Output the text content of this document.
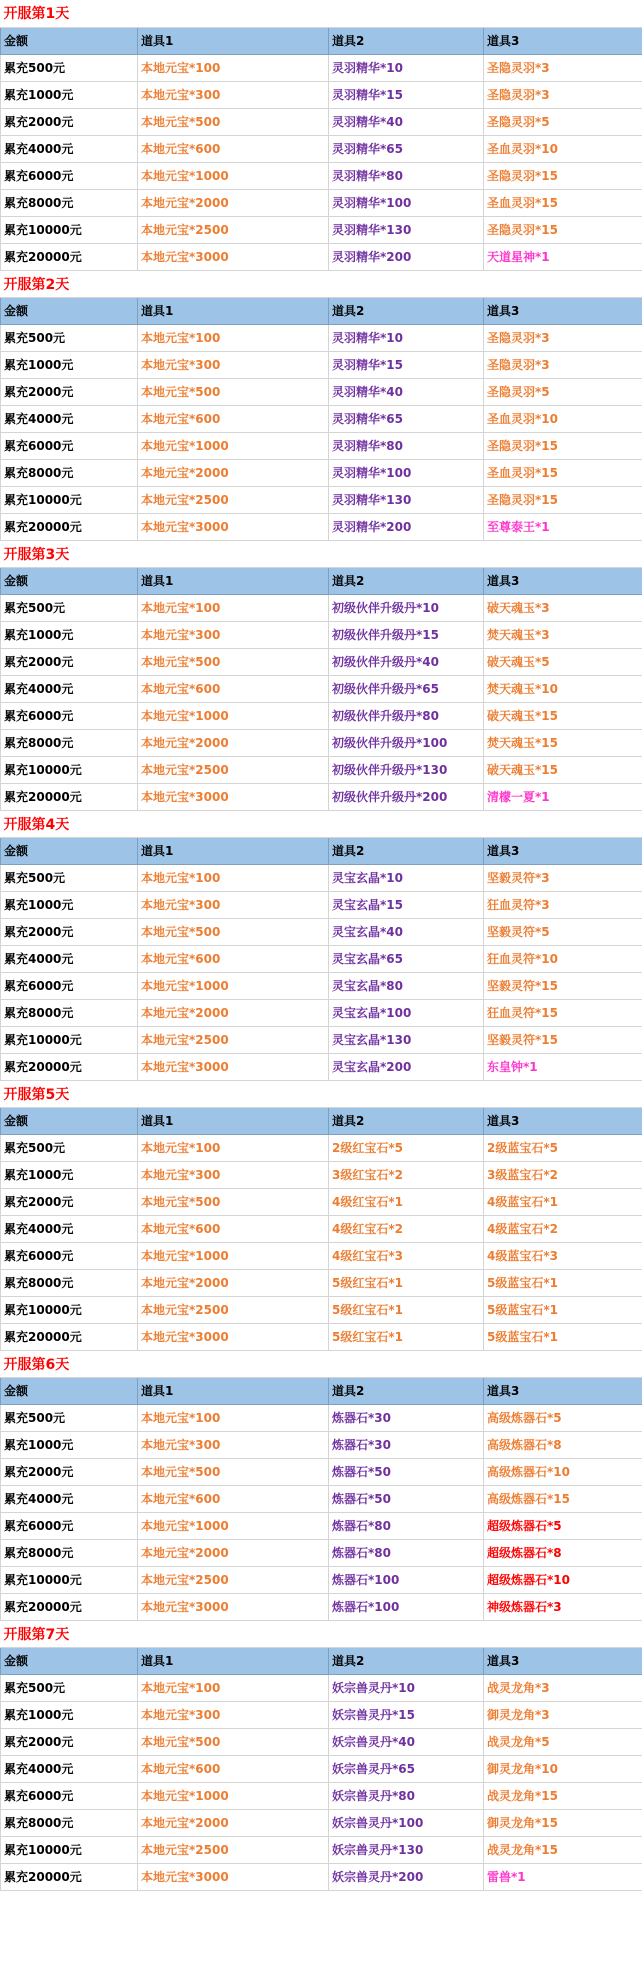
开服第1天			
金额	道具1	道具2	道具3
累充500元	本地元宝*100	灵羽精华*10	圣隐灵羽*3
累充1000元	本地元宝*300	灵羽精华*15	圣隐灵羽*3
累充2000元	本地元宝*500	灵羽精华*40	圣隐灵羽*5
累充4000元	本地元宝*600	灵羽精华*65	圣血灵羽*10
累充6000元	本地元宝*1000	灵羽精华*80	圣隐灵羽*15
累充8000元	本地元宝*2000	灵羽精华*100	圣血灵羽*15
累充10000元	本地元宝*2500	灵羽精华*130	圣隐灵羽*15
累充20000元	本地元宝*3000	灵羽精华*200	天道星神*1
开服第2天			
金额	道具1	道具2	道具3
累充500元	本地元宝*100	灵羽精华*10	圣隐灵羽*3
累充1000元	本地元宝*300	灵羽精华*15	圣隐灵羽*3
累充2000元	本地元宝*500	灵羽精华*40	圣隐灵羽*5
累充4000元	本地元宝*600	灵羽精华*65	圣血灵羽*10
累充6000元	本地元宝*1000	灵羽精华*80	圣隐灵羽*15
累充8000元	本地元宝*2000	灵羽精华*100	圣血灵羽*15
累充10000元	本地元宝*2500	灵羽精华*130	圣隐灵羽*15
累充20000元	本地元宝*3000	灵羽精华*200	至尊泰王*1
开服第3天			
金额	道具1	道具2	道具3
累充500元	本地元宝*100	初级伙伴升级丹*10	破天魂玉*3
累充1000元	本地元宝*300	初级伙伴升级丹*15	焚天魂玉*3
累充2000元	本地元宝*500	初级伙伴升级丹*40	破天魂玉*5
累充4000元	本地元宝*600	初级伙伴升级丹*65	焚天魂玉*10
累充6000元	本地元宝*1000	初级伙伴升级丹*80	破天魂玉*15
累充8000元	本地元宝*2000	初级伙伴升级丹*100	焚天魂玉*15
累充10000元	本地元宝*2500	初级伙伴升级丹*130	破天魂玉*15
累充20000元	本地元宝*3000	初级伙伴升级丹*200	清檬一夏*1
开服第4天			
金额	道具1	道具2	道具3
累充500元	本地元宝*100	灵宝玄晶*10	坚毅灵符*3
累充1000元	本地元宝*300	灵宝玄晶*15	狂血灵符*3
累充2000元	本地元宝*500	灵宝玄晶*40	坚毅灵符*5
累充4000元	本地元宝*600	灵宝玄晶*65	狂血灵符*10
累充6000元	本地元宝*1000	灵宝玄晶*80	坚毅灵符*15
累充8000元	本地元宝*2000	灵宝玄晶*100	狂血灵符*15
累充10000元	本地元宝*2500	灵宝玄晶*130	坚毅灵符*15
累充20000元	本地元宝*3000	灵宝玄晶*200	东皇钟*1
开服第5天			
金额	道具1	道具2	道具3
累充500元	本地元宝*100	2级红宝石*5	2级蓝宝石*5
累充1000元	本地元宝*300	3级红宝石*2	3级蓝宝石*2
累充2000元	本地元宝*500	4级红宝石*1	4级蓝宝石*1
累充4000元	本地元宝*600	4级红宝石*2	4级蓝宝石*2
累充6000元	本地元宝*1000	4级红宝石*3	4级蓝宝石*3
累充8000元	本地元宝*2000	5级红宝石*1	5级蓝宝石*1
累充10000元	本地元宝*2500	5级红宝石*1	5级蓝宝石*1
累充20000元	本地元宝*3000	5级红宝石*1	5级蓝宝石*1
开服第6天			
金额	道具1	道具2	道具3
累充500元	本地元宝*100	炼器石*30	高级炼器石*5
累充1000元	本地元宝*300	炼器石*30	高级炼器石*8
累充2000元	本地元宝*500	炼器石*50	高级炼器石*10
累充4000元	本地元宝*600	炼器石*50	高级炼器石*15
累充6000元	本地元宝*1000	炼器石*80	超级炼器石*5
累充8000元	本地元宝*2000	炼器石*80	超级炼器石*8
累充10000元	本地元宝*2500	炼器石*100	超级炼器石*10
累充20000元	本地元宝*3000	炼器石*100	神级炼器石*3
开服第7天			
金额	道具1	道具2	道具3
累充500元	本地元宝*100	妖宗兽灵丹*10	战灵龙角*3
累充1000元	本地元宝*300	妖宗兽灵丹*15	御灵龙角*3
累充2000元	本地元宝*500	妖宗兽灵丹*40	战灵龙角*5
累充4000元	本地元宝*600	妖宗兽灵丹*65	御灵龙角*10
累充6000元	本地元宝*1000	妖宗兽灵丹*80	战灵龙角*15
累充8000元	本地元宝*2000	妖宗兽灵丹*100	御灵龙角*15
累充10000元	本地元宝*2500	妖宗兽灵丹*130	战灵龙角*15
累充20000元	本地元宝*3000	妖宗兽灵丹*200	雷兽*1
